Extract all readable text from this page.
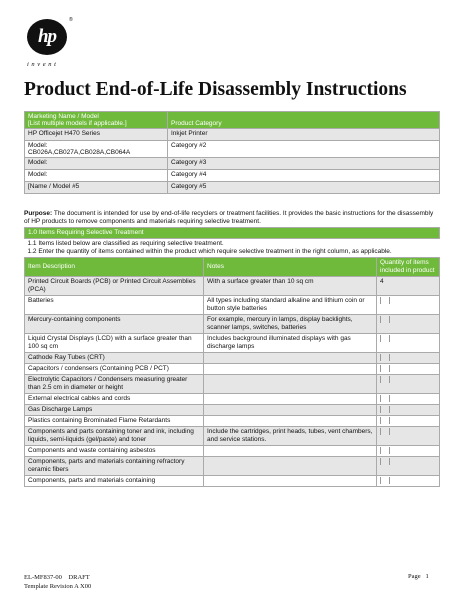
hp
®
invent
Product End-of-Life Disassembly Instructions
Marketing Name / Model
[List multiple models if applicable.]	Product Category
HP Officejet H470 Series	Inkjet Printer
Model:
CB026A,CB027A,CB028A,CB064A	Category #2
Model:	Category #3
Model:	Category #4
[Name / Model #5	Category #5
Purpose: The document is intended for use by end-of-life recyclers or treatment facilities. It provides the basic instructions for the disassembly of HP products to remove components and materials requiring selective treatment.
1.0 Items Requiring Selective Treatment		

1.1 Items listed below are classified as requiring selective treatment.
1.2 Enter the quantity of items contained within the product which require selective treatment in the right column, as applicable.		

Item Description	Notes	Quantity of items included in product
Printed Circuit Boards (PCB) or Printed Circuit Assemblies (PCA)	With a surface greater than 10 sq cm	4
Batteries	All types including standard alkaline and lithium coin or button style batteries	
Mercury-containing components	For example, mercury in lamps, display backlights, scanner lamps, switches, batteries	
Liquid Crystal Displays (LCD) with a surface greater than 100 sq cm	Includes background illuminated displays with gas discharge lamps	
Cathode Ray Tubes (CRT)		
Capacitors / condensers (Containing PCB / PCT)		
Electrolytic Capacitors / Condensers measuring greater than 2.5 cm in diameter or height		
External electrical cables and cords		
Gas Discharge Lamps		
Plastics containing Brominated Flame Retardants		
Components and parts containing toner and ink, including liquids, semi-liquids (gel/paste) and toner	Include the cartridges, print heads, tubes, vent chambers, and service stations.	
Components and waste containing asbestos		
Components, parts and materials containing refractory ceramic fibers		
Components, parts and materials containing		
EL-MF837-00    DRAFT
Template Revision A X00
Page 1
